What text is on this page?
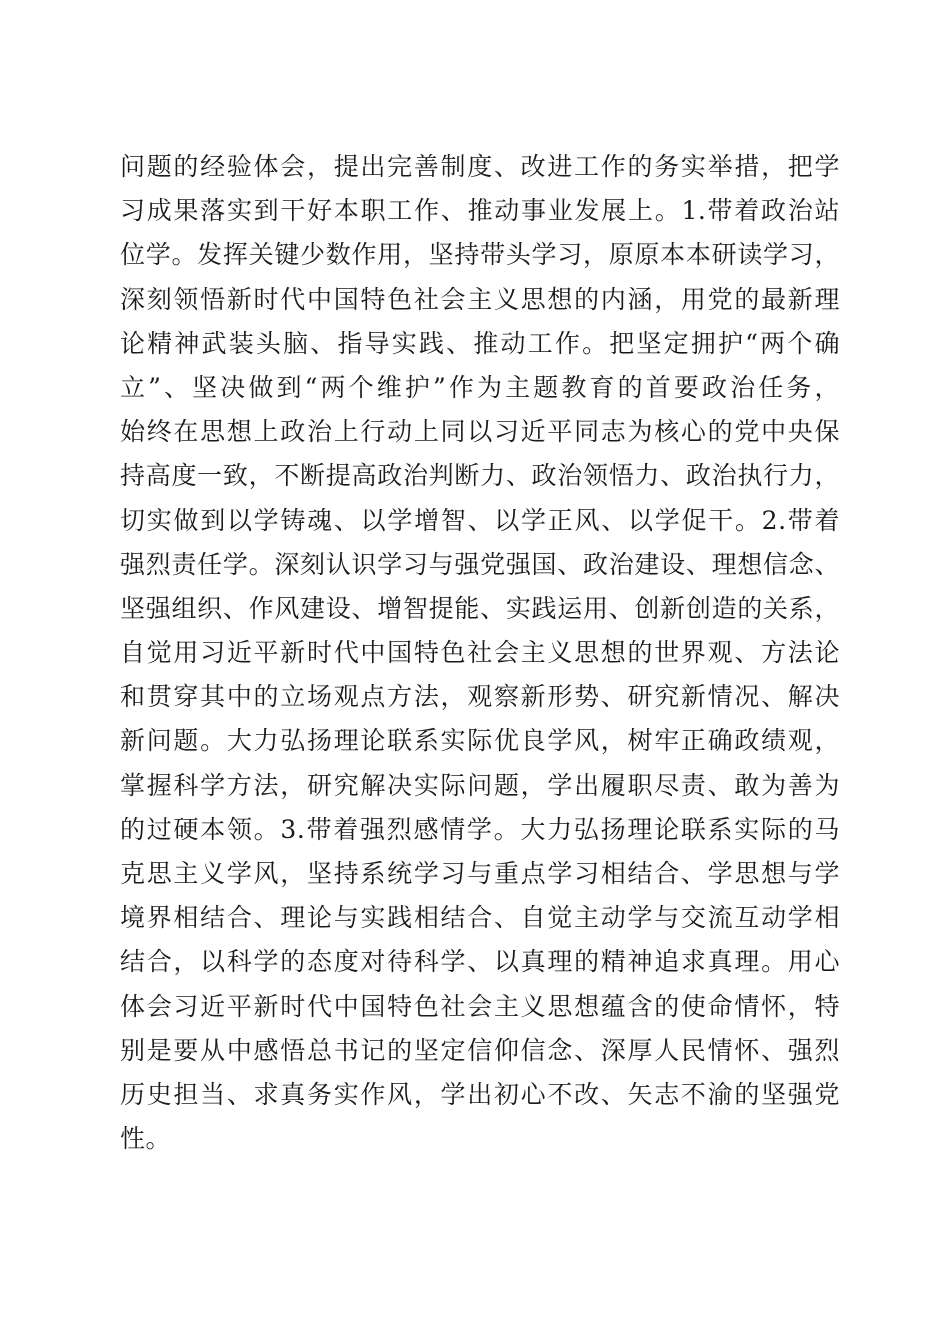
问题的经验体会，提出完善制度、改进工作的务实举措，把学
习成果落实到干好本职工作、推动事业发展上。1.带着政治站
位学。发挥关键少数作用，坚持带头学习，原原本本研读学习，
深刻领悟新时代中国特色社会主义思想的内涵，用党的最新理
论精神武装头脑、指导实践、推动工作。把坚定拥护“两个确
立”、坚决做到“两个维护”作为主题教育的首要政治任务，
始终在思想上政治上行动上同以习近平同志为核心的党中央保
持高度一致，不断提高政治判断力、政治领悟力、政治执行力，
切实做到以学铸魂、以学增智、以学正风、以学促干。2.带着
强烈责任学。深刻认识学习与强党强国、政治建设、理想信念、
坚强组织、作风建设、增智提能、实践运用、创新创造的关系，
自觉用习近平新时代中国特色社会主义思想的世界观、方法论
和贯穿其中的立场观点方法，观察新形势、研究新情况、解决
新问题。大力弘扬理论联系实际优良学风，树牢正确政绩观，
掌握科学方法，研究解决实际问题，学出履职尽责、敢为善为
的过硬本领。3.带着强烈感情学。大力弘扬理论联系实际的马
克思主义学风，坚持系统学习与重点学习相结合、学思想与学
境界相结合、理论与实践相结合、自觉主动学与交流互动学相
结合，以科学的态度对待科学、以真理的精神追求真理。用心
体会习近平新时代中国特色社会主义思想蕴含的使命情怀，特
别是要从中感悟总书记的坚定信仰信念、深厚人民情怀、强烈
历史担当、求真务实作风，学出初心不改、矢志不渝的坚强党
性。
